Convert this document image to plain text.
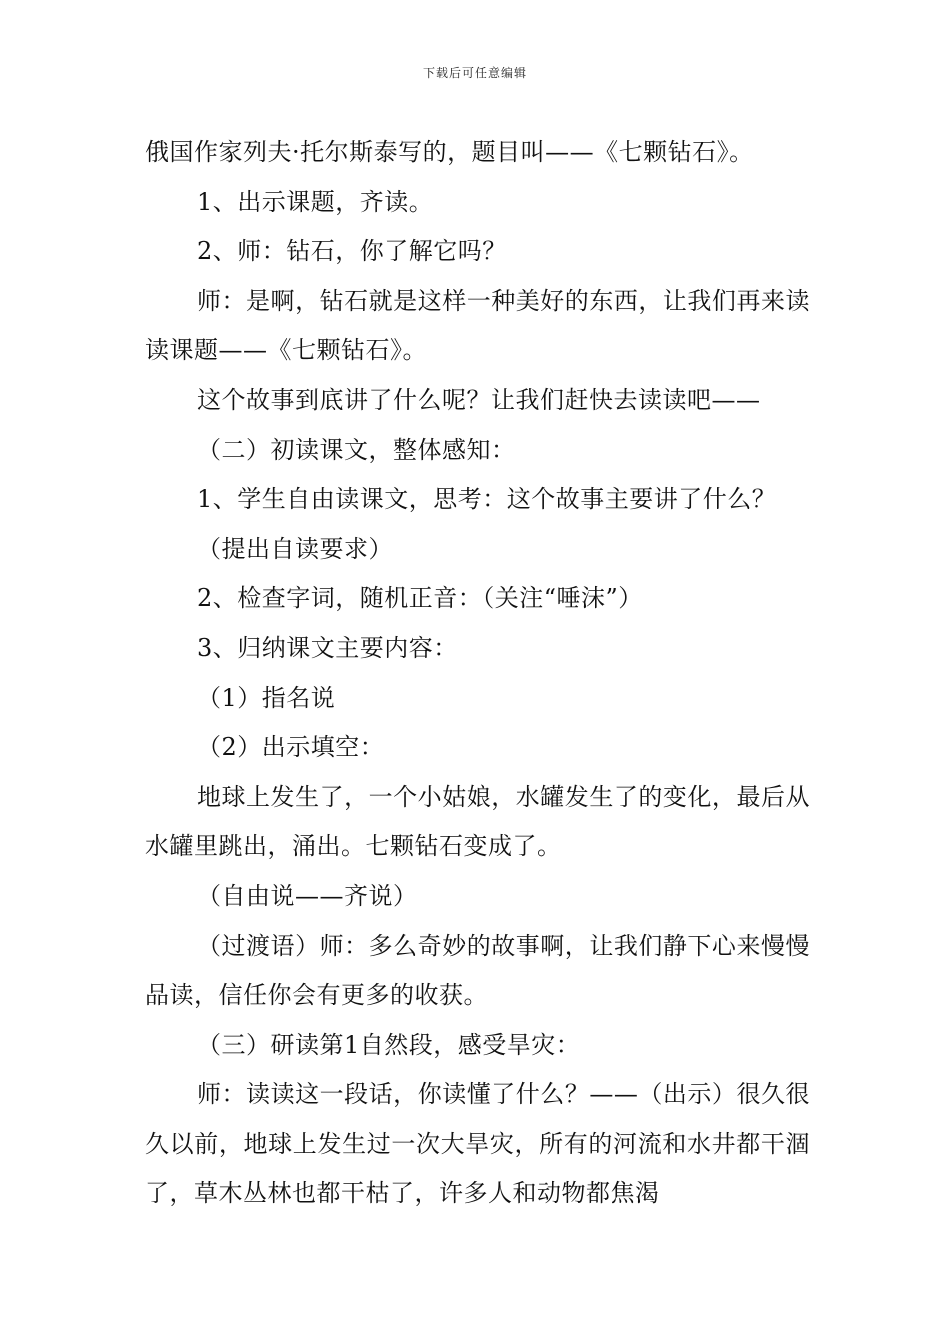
下载后可任意编辑

俄国作家列夫·托尔斯泰写的，题目叫——《七颗钻石》。

1、出示课题，齐读。

2、师：钻石，你了解它吗？

师：是啊，钻石就是这样一种美好的东西，让我们再来读读课题——《七颗钻石》。

这个故事到底讲了什么呢？让我们赶快去读读吧——

（二）初读课文，整体感知：

1、学生自由读课文，思考：这个故事主要讲了什么？

（提出自读要求）

2、检查字词，随机正音：（关注“唾沫”）

3、归纳课文主要内容：

（1）指名说

（2）出示填空：

地球上发生了，一个小姑娘，水罐发生了的变化，最后从水罐里跳出，涌出。七颗钻石变成了。

（自由说——齐说）

（过渡语）师：多么奇妙的故事啊，让我们静下心来慢慢品读，信任你会有更多的收获。

（三）研读第1自然段，感受旱灾：

师：读读这一段话，你读懂了什么？——（出示）很久很久以前，地球上发生过一次大旱灾，所有的河流和水井都干涸了，草木丛林也都干枯了，许多人和动物都焦渴
